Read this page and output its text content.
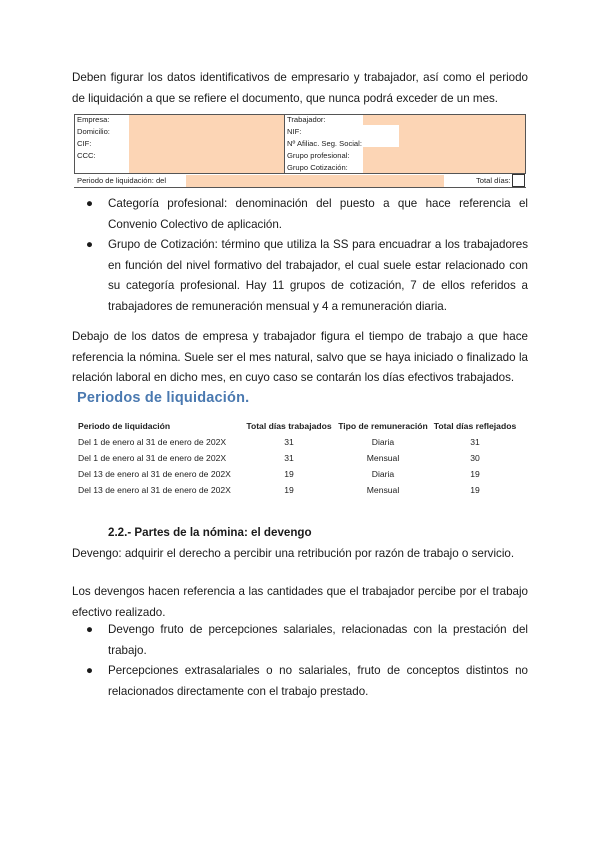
Deben figurar los datos identificativos de empresario y trabajador, así como el periodo de liquidación a que se refiere el documento, que nunca podrá exceder de un mes.

Empresa:
Domicilio:
CIF:
CCC:
Trabajador:
NIF:
Nº Afiliac. Seg. Social:
Grupo profesional:
Grupo Cotización:
Periodo de liquidación: del	Total días:
● Categoría profesional: denominación del puesto a que hace referencia el Convenio Colectivo de aplicación.
● Grupo de Cotización: término que utiliza la SS para encuadrar a los trabajadores en función del nivel formativo del trabajador, el cual suele estar relacionado con su categoría profesional. Hay 11 grupos de cotización, 7 de ellos referidos a trabajadores de remuneración mensual y 4 a remuneración diaria.

Debajo de los datos de empresa y trabajador figura el tiempo de trabajo a que hace referencia la nómina. Suele ser el mes natural, salvo que se haya iniciado o finalizado la relación laboral en dicho mes, en cuyo caso se contarán los días efectivos trabajados.

Periodos de liquidación.

Periodo de liquidación	Total días trabajados	Tipo de remuneración	Total días reflejados
Del 1 de enero al 31 de enero de 202X	31	Diaria	31
Del 1 de enero al 31 de enero de 202X	31	Mensual	30
Del 13 de enero al 31 de enero de 202X	19	Diaria	19
Del 13 de enero al 31 de enero de 202X	19	Mensual	19

2.2.- Partes de la nómina: el devengo

Devengo: adquirir el derecho a percibir una retribución por razón de trabajo o servicio.

Los devengos hacen referencia a las cantidades que el trabajador percibe por el trabajo efectivo realizado.

● Devengo fruto de percepciones salariales, relacionadas con la prestación del trabajo.
● Percepciones extrasalariales o no salariales, fruto de conceptos distintos no relacionados directamente con el trabajo prestado.
